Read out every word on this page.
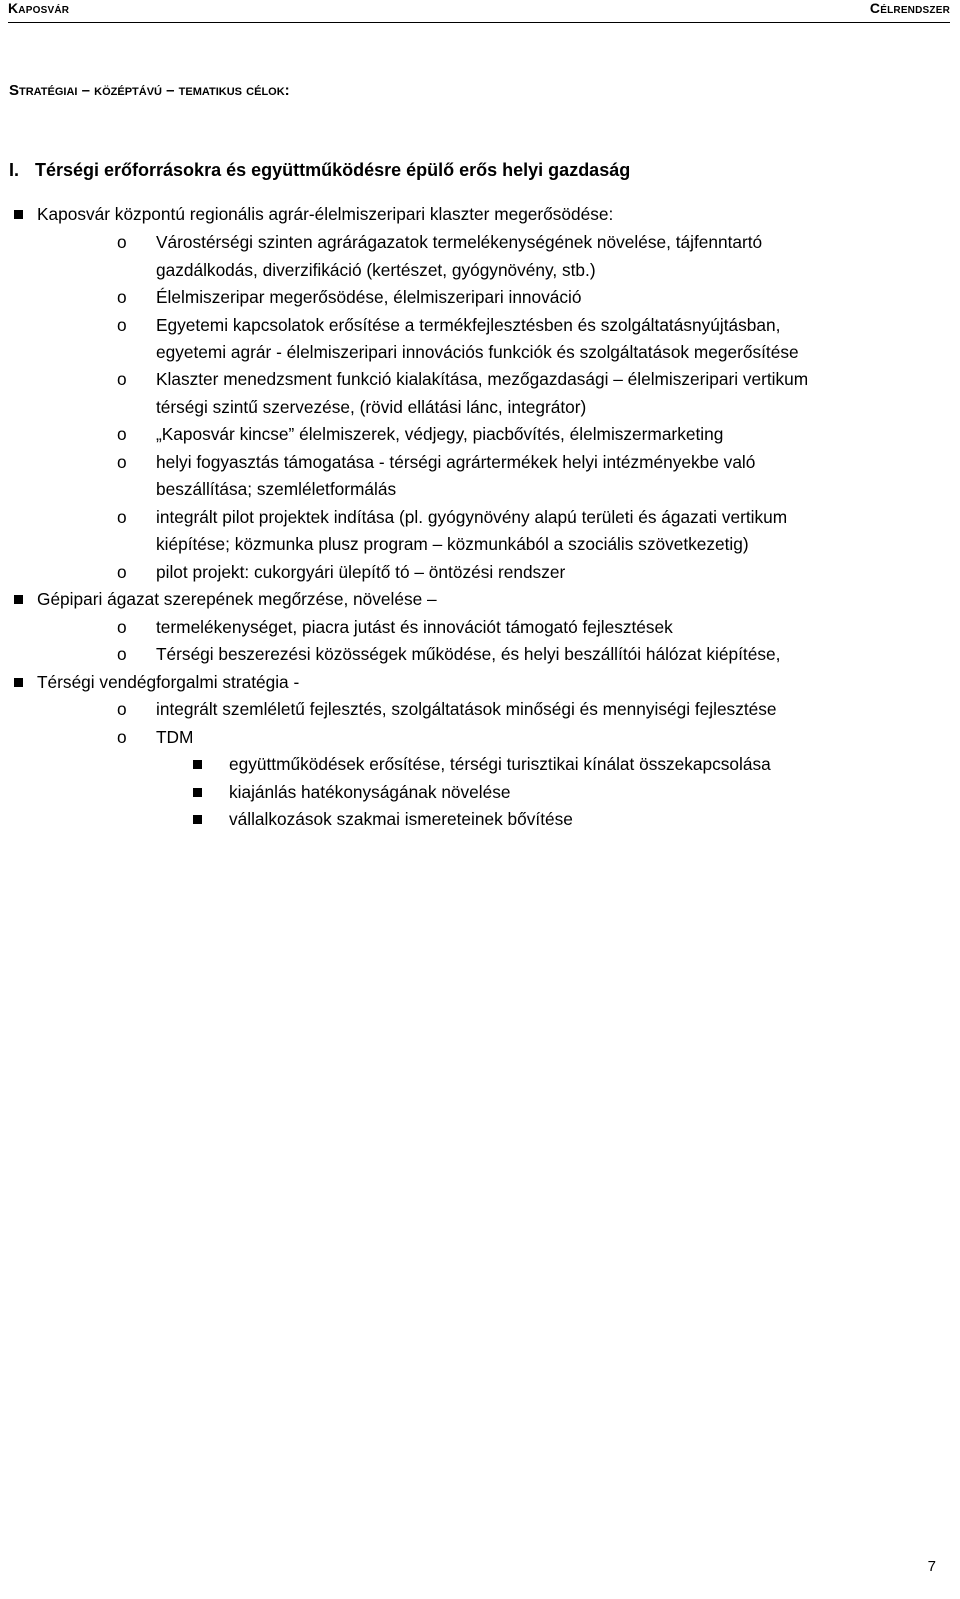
Kaposvár	Célrendszer
Stratégiai – középtávú – tematikus célok:
I. Térségi erőforrásokra és együttműködésre épülő erős helyi gazdaság
Kaposvár központú regionális agrár-élelmiszeripari klaszter megerősödése:
o Várostérségi szinten agrárágazatok termelékenységének növelése, tájfenntartó
gazdálkodás, diverzifikáció (kertészet, gyógynövény, stb.)
o Élelmiszeripar megerősödése, élelmiszeripari innováció
o Egyetemi kapcsolatok erősítése a termékfejlesztésben és szolgáltatásnyújtásban,
egyetemi agrár - élelmiszeripari innovációs funkciók és szolgáltatások megerősítése
o Klaszter menedzsment funkció kialakítása, mezőgazdasági – élelmiszeripari vertikum
térségi szintű szervezése, (rövid ellátási lánc, integrátor)
o „Kaposvár kincse” élelmiszerek, védjegy, piacbővítés, élelmiszermarketing
o helyi fogyasztás támogatása - térségi agrártermékek helyi intézményekbe való
beszállítása; szemléletformálás
o integrált pilot projektek indítása (pl. gyógynövény alapú területi és ágazati vertikum
kiépítése; közmunka plusz program – közmunkából a szociális szövetkezetig)
o pilot projekt: cukorgyári ülepítő tó – öntözési rendszer
Gépipari ágazat szerepének megőrzése, növelése –
o termelékenységet, piacra jutást és innovációt támogató fejlesztések
o Térségi beszerezési közösségek működése, és helyi beszállítói hálózat kiépítése,
Térségi vendégforgalmi stratégia -
o integrált szemléletű fejlesztés, szolgáltatások minőségi és mennyiségi fejlesztése
o TDM
együttműködések erősítése, térségi turisztikai kínálat összekapcsolása
kiajánlás hatékonyságának növelése
vállalkozások szakmai ismereteinek bővítése
7
